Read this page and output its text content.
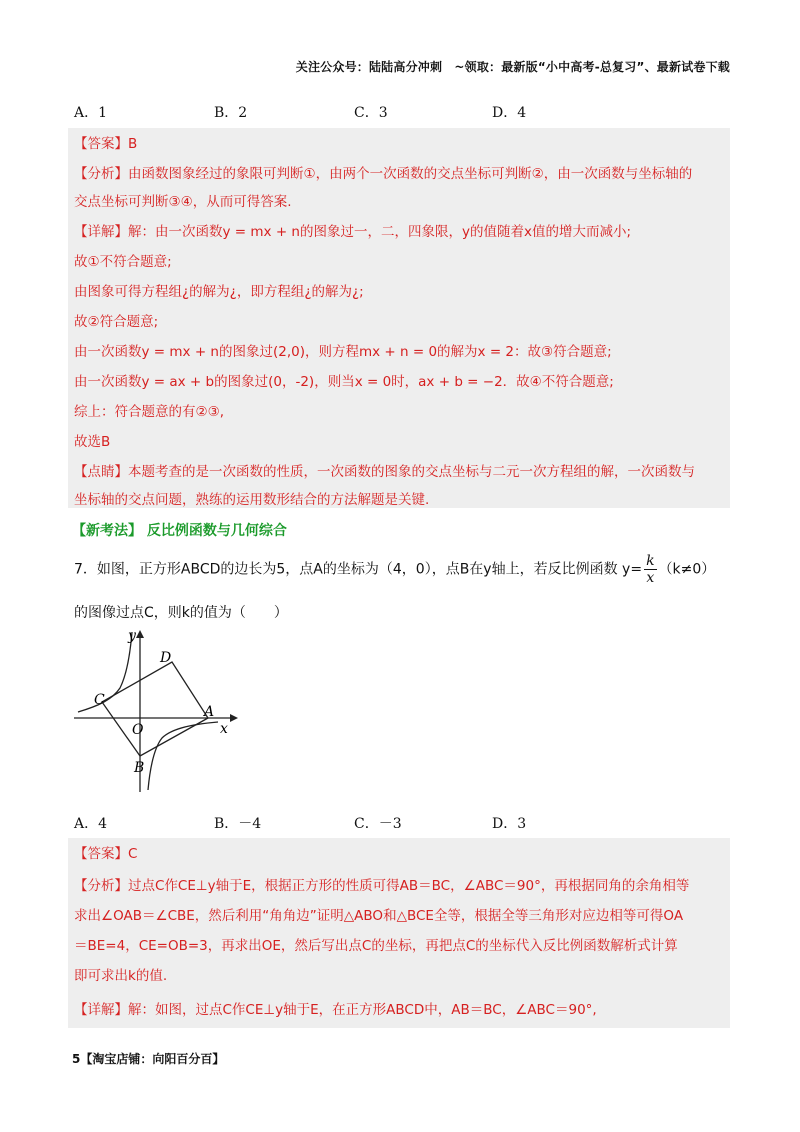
关注公众号：陆陆高分冲刺　~领取：最新版“小中高考-总复习”、最新试卷下载
A．1	B．2	C．3	D．4
【答案】B
【分析】由函数图象经过的象限可判断①，由两个一次函数的交点坐标可判断②，由一次函数与坐标轴的
交点坐标可判断③④，从而可得答案.
【详解】解：由一次函数y = mx + n的图象过一，二，四象限，y的值随着x值的增大而减小;
故①不符合题意;
由图象可得方程组¿的解为¿，即方程组¿的解为¿;
故②符合题意;
由一次函数y = mx + n的图象过(2,0)，则方程mx + n = 0的解为x = 2：故③符合题意;
由一次函数y = ax + b的图象过(0，-2)，则当x = 0时，ax + b = −2．故④不符合题意;
综上：符合题意的有②③,
故选B
【点睛】本题考查的是一次函数的性质，一次函数的图象的交点坐标与二元一次方程组的解，一次函数与
坐标轴的交点问题，熟练的运用数形结合的方法解题是关键.
【新考法】 反比例函数与几何综合
7．如图，正方形ABCD的边长为5，点A的坐标为（4，0），点B在y轴上，若反比例函数 $y= \frac{k}{x} (k\ne 0)$
的图像过点C，则k的值为（　　）
y
x
O
A
B
C
D
A．4	B．－4	C．－3	D．3
【答案】C
【分析】过点C作CE⊥y轴于E，根据正方形的性质可得AB＝BC，∠ABC＝90°，再根据同角的余角相等
求出∠OAB＝∠CBE，然后利用“角角边”证明△ABO和△BCE全等，根据全等三角形对应边相等可得OA
＝BE=4，CE=OB=3，再求出OE，然后写出点C的坐标，再把点C的坐标代入反比例函数解析式计算
即可求出k的值.
【详解】解：如图，过点C作CE⊥y轴于E，在正方形ABCD中，AB＝BC，∠ABC＝90°,
5【淘宝店铺：向阳百分百】
